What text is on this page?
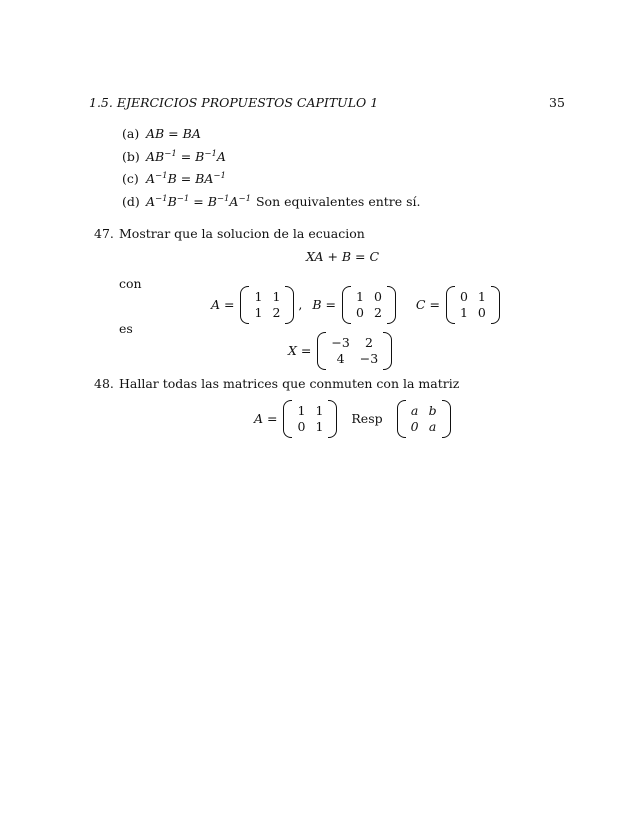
1.5. EJERCICIOS PROPUESTOS CAPITULO 1	35
(a) AB = BA
(b) $AB^{-1} = B^{-1}A$
(c) $A^{-1}B = BA^{-1}$
(d) $A^{-1}B^{-1} = B^{-1}A^{-1}$ Son equivalentes entre sí.
47. Mostrar que la solucion de la ecuacion
XA + B = C
con
A =
1 1
1 2
, B =
1 0
0 2
C =
0 1
1 0
es
X =
−3	2
4	−3
48. Hallar todas las matrices que conmuten con la matriz
A =
1 1
0 1
Resp
a b
0 a
